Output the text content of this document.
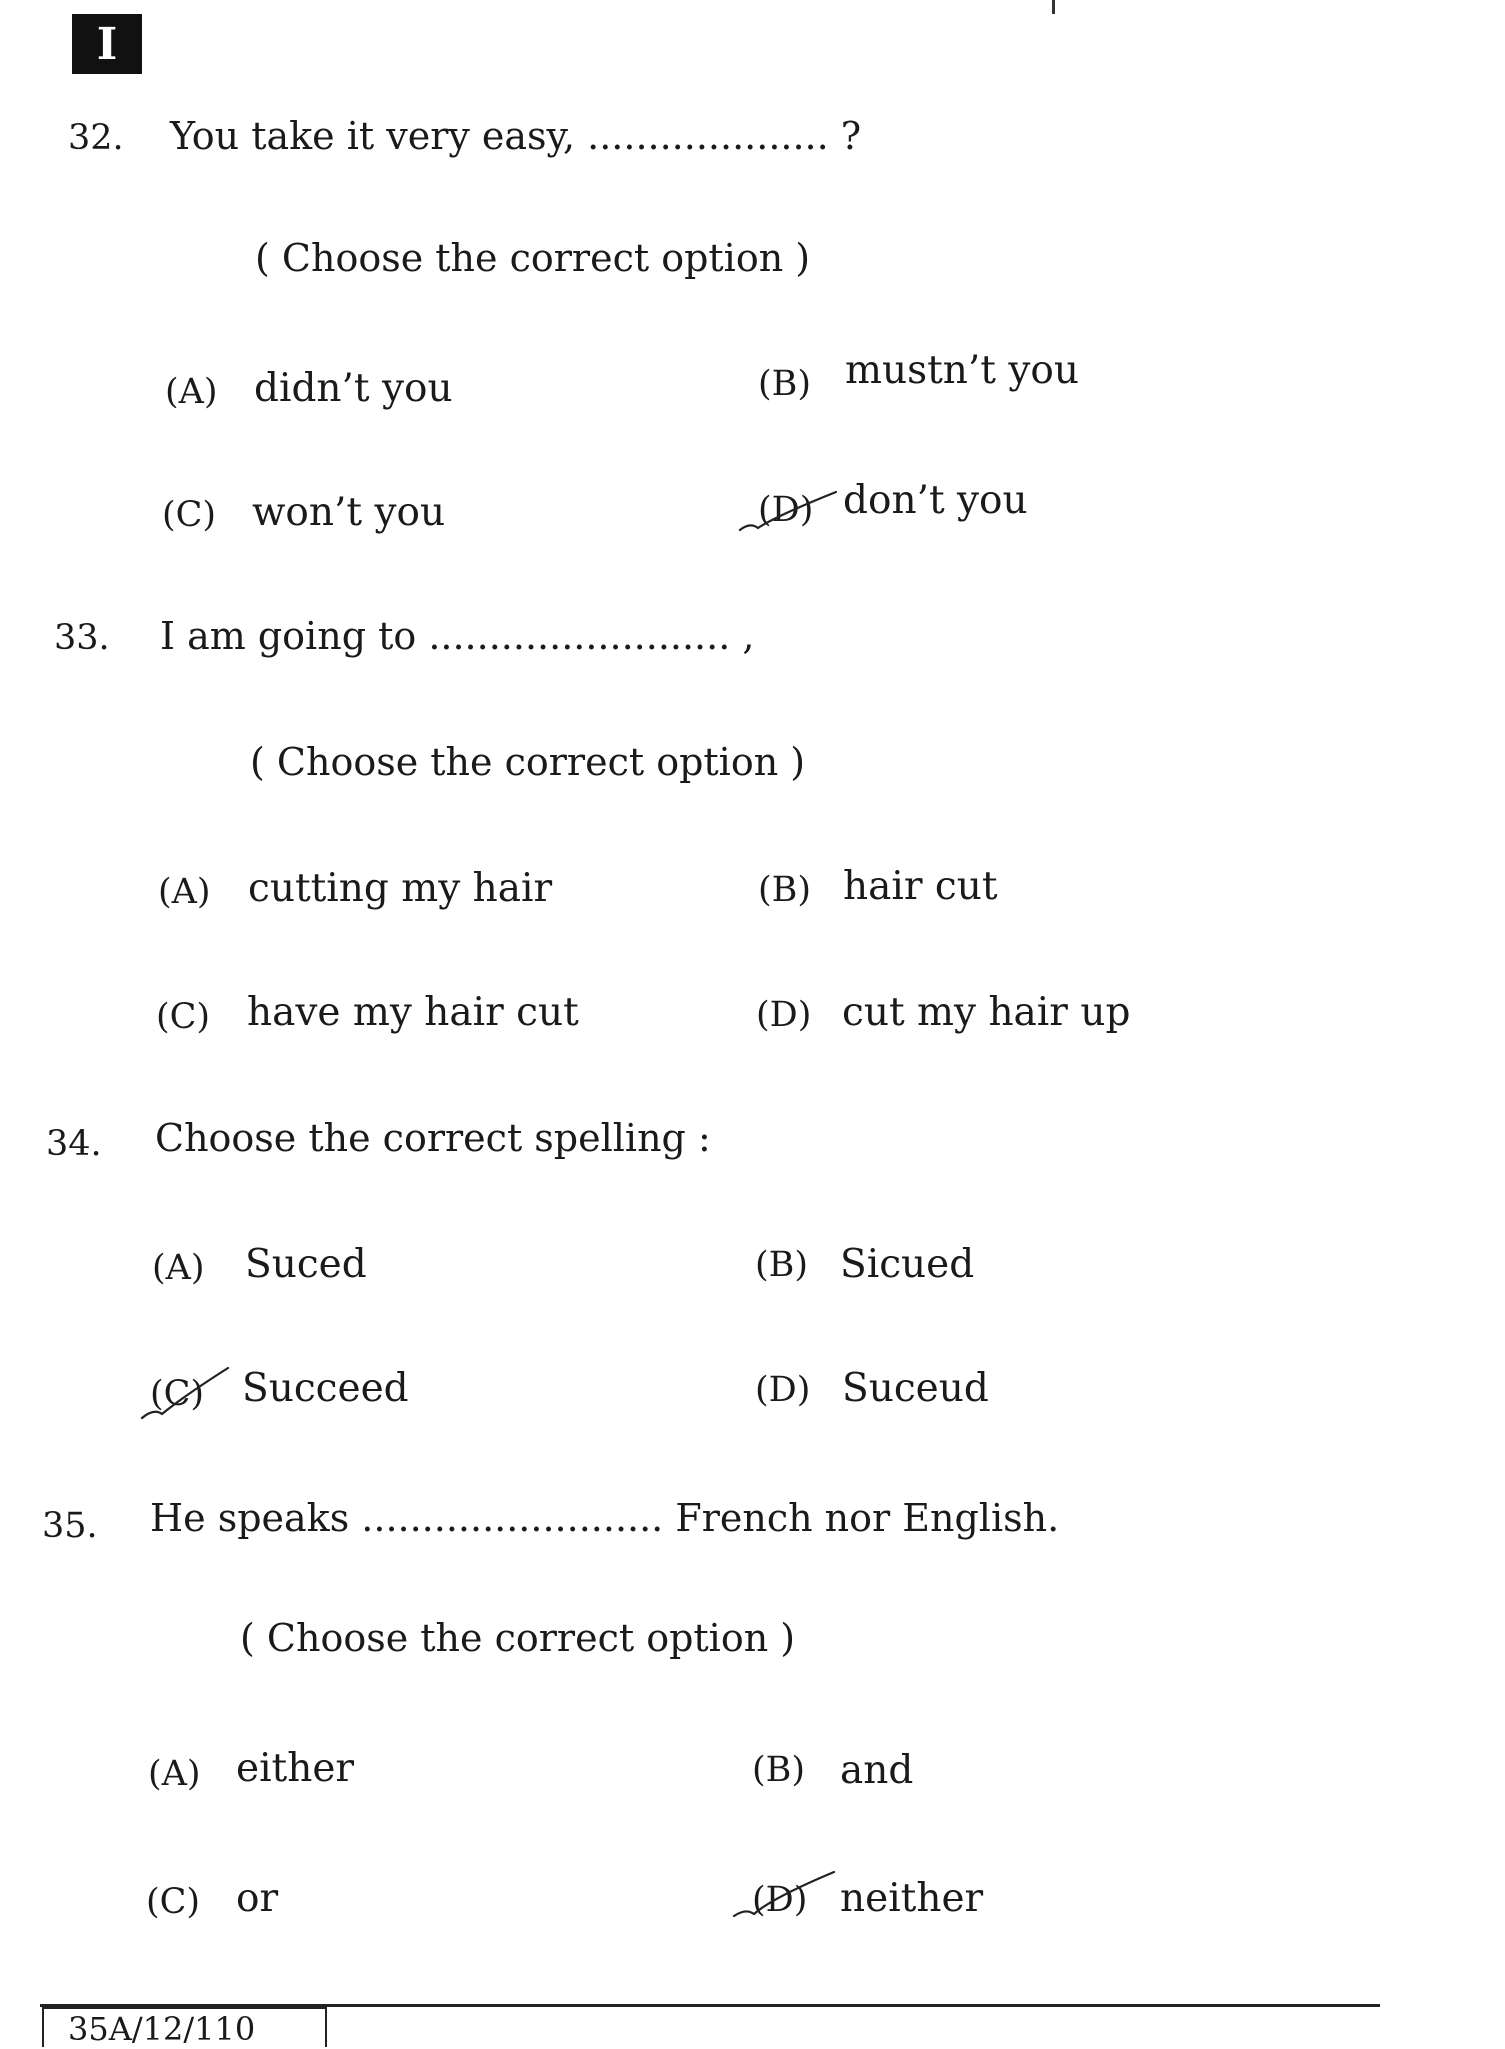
I
32. You take it very easy, .................... ?
( Choose the correct option )
(A) didn’t you	(B) mustn’t you
(C) won’t you	(D) don’t you
33. I am going to ......................... ,
( Choose the correct option )
(A) cutting my hair	(B) hair cut
(C) have my hair cut	(D) cut my hair up
34. Choose the correct spelling :
(A) Suced	(B) Sicued
(C) Succeed	(D) Suceud
35. He speaks ......................... French nor English.
( Choose the correct option )
(A) either	(B) and
(C) or	(D) neither
35A/12/110
